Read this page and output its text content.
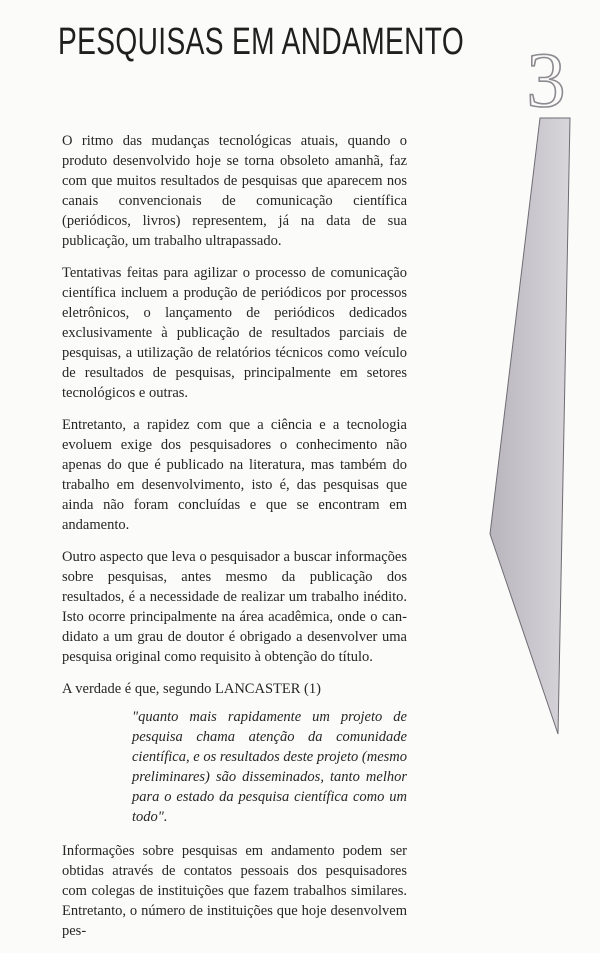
PESQUISAS EM ANDAMENTO 3

O ritmo das mudanças tecnológicas atuais, quando o produto desenvolvido hoje se torna obsoleto amanhã, faz com que muitos resultados de pesquisas que aparecem nos canais convencionais de comunicação científica (periódicos, livros) representem, já na data de sua publicação, um trabalho ultrapassado.

Tentativas feitas para agilizar o processo de comunicação científica incluem a produção de periódicos por processos eletrônicos, o lançamento de periódicos dedicados exclusivamente à publicação de resultados parciais de pesquisas, a utilização de relatórios técnicos como veículo de resultados de pesquisas, principalmente em setores tecnológicos e outras.

Entretanto, a rapidez com que a ciência e a tecnologia evoluem exige dos pesquisadores o conhecimento não apenas do que é publicado na literatura, mas também do trabalho em desenvolvimento, isto é, das pesquisas que ainda não foram concluídas e que se encontram em andamento.

Outro aspecto que leva o pesquisador a buscar informações sobre pesquisas, antes mesmo da publicação dos resultados, é a necessidade de realizar um trabalho inédito. Isto ocorre principalmente na área acadêmica, onde o can-didato a um grau de doutor é obrigado a desenvolver uma pesquisa original como requisito à obtenção do título.

A verdade é que, segundo LANCASTER (1)

"quanto mais rapidamente um projeto de pesquisa chama atenção da comunidade científica, e os resultados deste projeto (mesmo preliminares) são disseminados, tanto melhor para o estado da pesquisa científica como um todo".

Informações sobre pesquisas em andamento podem ser obtidas através de contatos pessoais dos pesquisadores com colegas de instituições que fazem trabalhos similares. Entretanto, o número de instituições que hoje desenvolvem pes-
